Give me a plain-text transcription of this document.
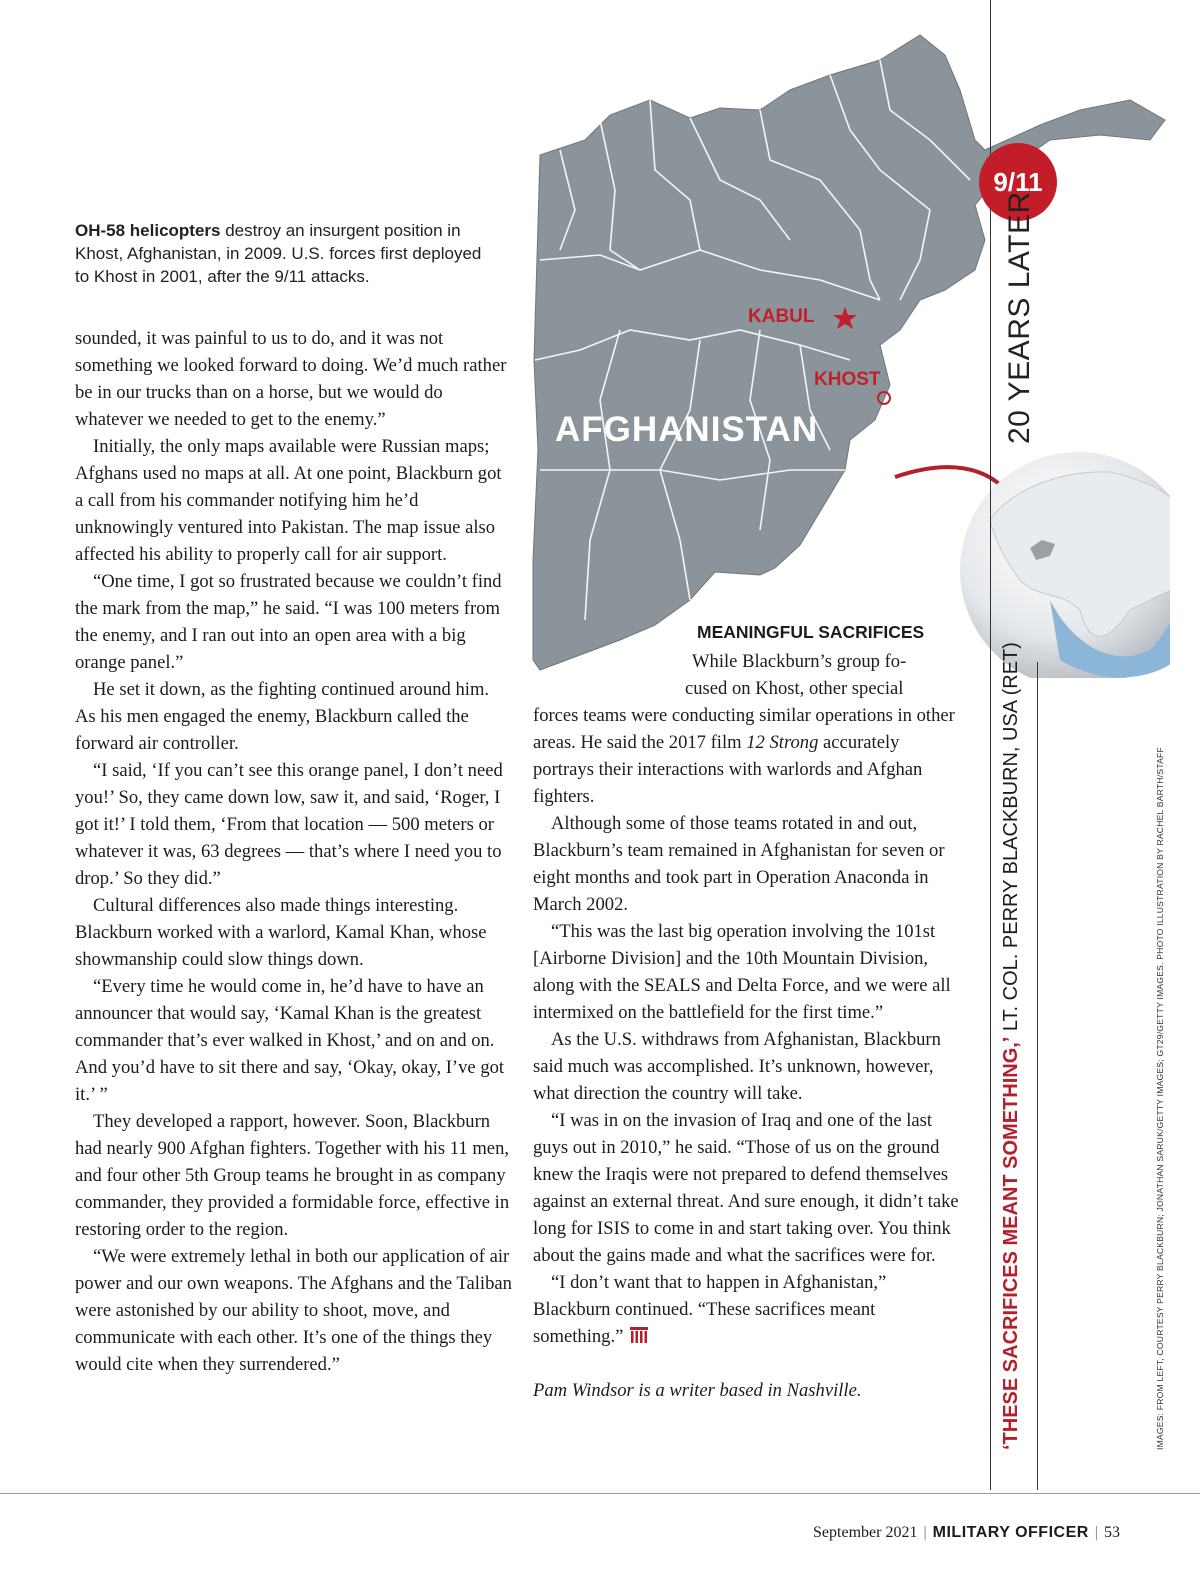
OH-58 helicopters destroy an insurgent position in
Khost, Afghanistan, in 2009. U.S. forces first deployed
to Khost in 2001, after the 9/11 attacks.
KABUL
KHOST
AFGHANISTAN
9/11
20 YEARS LATER
‘THESE SACRIFICES MEANT SOMETHING,’ LT. COL. PERRY BLACKBURN, USA (RET)	IMAGES: FROM LEFT, COURTESY PERRY BLACKBURN; JONATHAN SARUK/GETTY IMAGES; GT29/GETTY IMAGES. PHOTO ILLUSTRATION BY RACHEL BARTH/STAFF

sounded, it was painful to us to do, and it was not something we looked forward to doing. We’d much rather be in our trucks than on a horse, but we would do whatever we needed to get to the enemy.”

Initially, the only maps available were Russian maps; Afghans used no maps at all. At one point, Blackburn got a call from his commander notifying him he’d unknowingly ventured into Pakistan. The map issue also affected his ability to properly call for air support.

“One time, I got so frustrated because we couldn’t find the mark from the map,” he said. “I was 100 meters from the enemy, and I ran out into an open area with a big orange panel.”

He set it down, as the fighting continued around him. As his men engaged the enemy, Blackburn called the forward air controller.

“I said, ‘If you can’t see this orange panel, I don’t need you!’ So, they came down low, saw it, and said, ‘Roger, I got it!’ I told them, ‘From that location — 500 meters or whatever it was, 63 degrees — that’s where I need you to drop.’ So they did.”

Cultural differences also made things interesting. Blackburn worked with a warlord, Kamal Khan, whose showmanship could slow things down.

“Every time he would come in, he’d have to have an announcer that would say, ‘Kamal Khan is the greatest commander that’s ever walked in Khost,’ and on and on. And you’d have to sit there and say, ‘Okay, okay, I’ve got it.’ ”

They developed a rapport, however. Soon, Blackburn had nearly 900 Afghan fighters. Together with his 11 men, and four other 5th Group teams he brought in as company commander, they provided a formidable force, effective in restoring order to the region.

“We were extremely lethal in both our application of air power and our own weapons. The Afghans and the Taliban were astonished by our ability to shoot, move, and communicate with each other. It’s one of the things they would cite when they surrendered.”

MEANINGFUL SACRIFICES
While Blackburn’s group fo-
cused on Khost, other special

forces teams were conducting similar operations in other areas. He said the 2017 film 12 Strong accurately portrays their interactions with warlords and Afghan fighters.

Although some of those teams rotated in and out, Blackburn’s team remained in Afghanistan for seven or eight months and took part in Operation Anaconda in March 2002.

“This was the last big operation involving the 101st [Airborne Division] and the 10th Mountain Division, along with the SEALS and Delta Force, and we were all intermixed on the battlefield for the first time.”

As the U.S. withdraws from Afghanistan, Blackburn said much was accomplished. It’s unknown, however, what direction the country will take.

“I was in on the invasion of Iraq and one of the last guys out in 2010,” he said. “Those of us on the ground knew the Iraqis were not prepared to defend themselves against an external threat. And sure enough, it didn’t take long for ISIS to come in and start taking over. You think about the gains made and what the sacrifices were for.

“I don’t want that to happen in Afghanistan,” Blackburn continued. “These sacrifices meant something.”

Pam Windsor is a writer based in Nashville.

September 2021 | MILITARY OFFICER | 53
